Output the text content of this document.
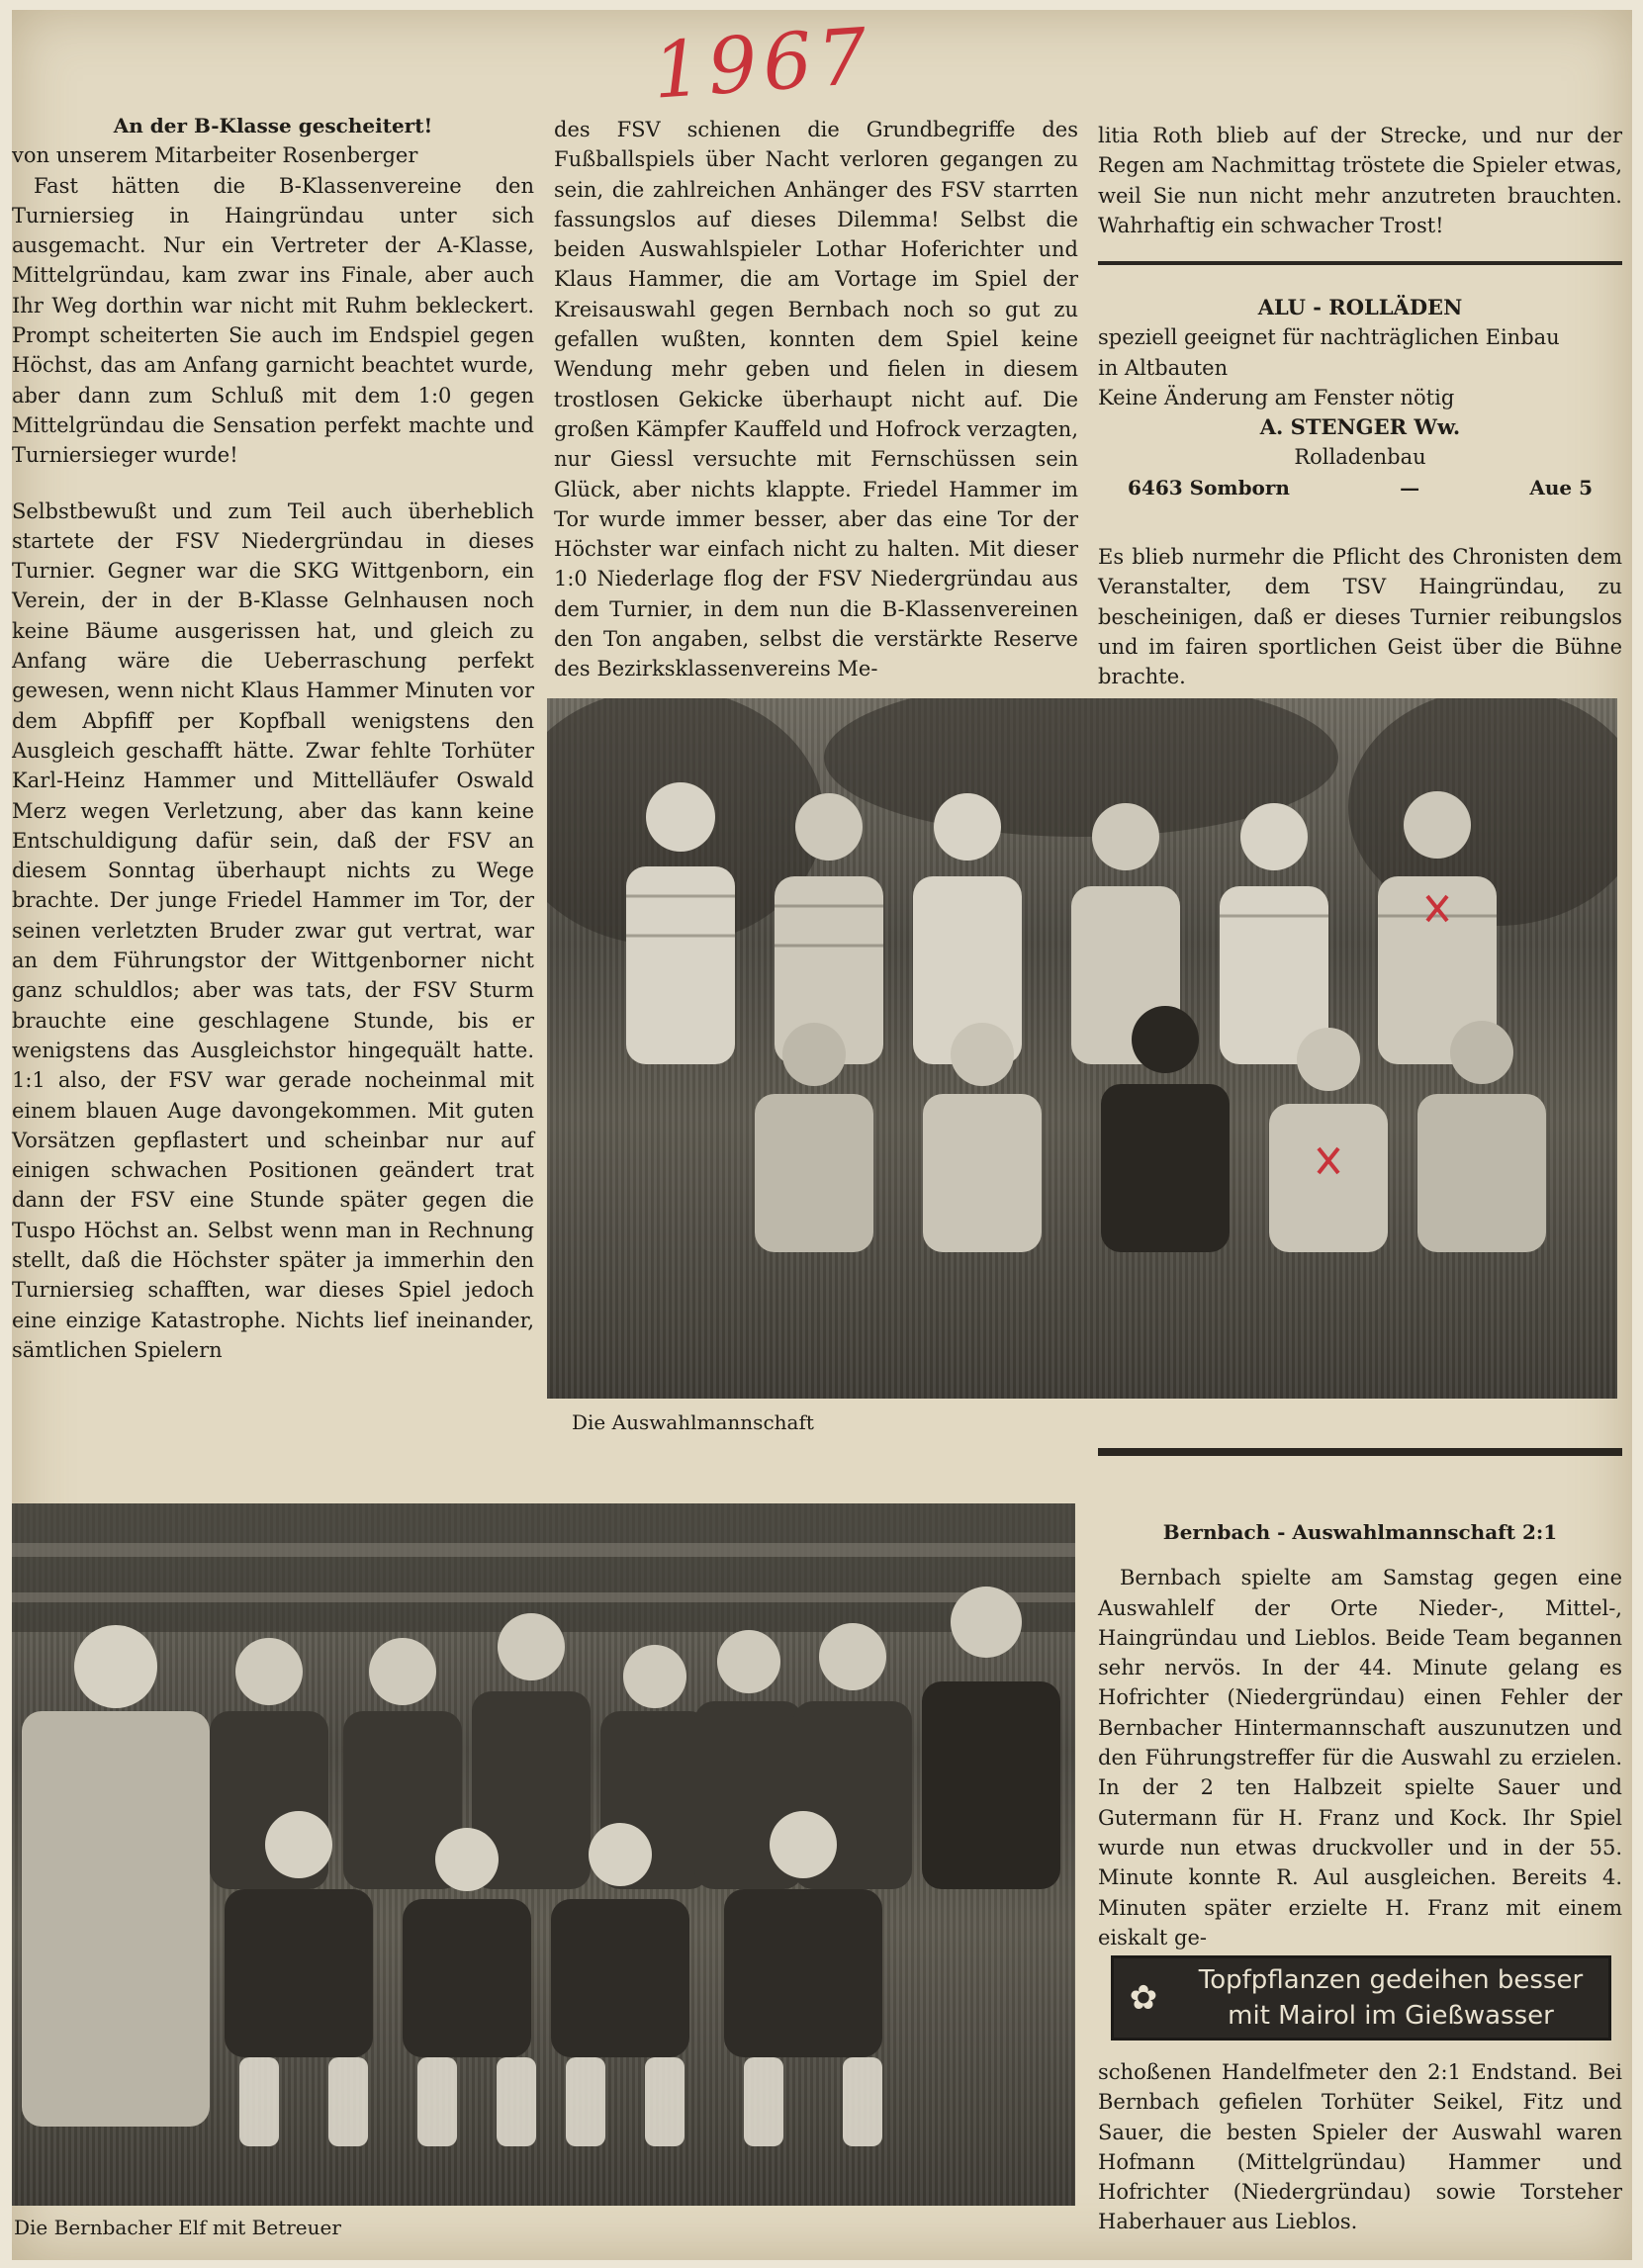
1967

An der B-Klasse gescheitert!

von unserem Mitarbeiter Rosenberger

Fast hätten die B-Klassenvereine den Turniersieg in Haingründau unter sich ausgemacht. Nur ein Vertreter der A-Klasse, Mittelgründau, kam zwar ins Finale, aber auch Ihr Weg dorthin war nicht mit Ruhm bekleckert. Prompt scheiterten Sie auch im Endspiel gegen Höchst, das am Anfang garnicht beachtet wurde, aber dann zum Schluß mit dem 1:0 gegen Mittelgründau die Sensation perfekt machte und Turniersieger wurde!

Selbstbewußt und zum Teil auch überheblich startete der FSV Niedergründau in dieses Turnier. Gegner war die SKG Wittgenborn, ein Verein, der in der B-Klasse Gelnhausen noch keine Bäume ausgerissen hat, und gleich zu Anfang wäre die Ueberraschung perfekt gewesen, wenn nicht Klaus Hammer Minuten vor dem Abpfiff per Kopfball wenigstens den Ausgleich geschafft hätte. Zwar fehlte Torhüter Karl-Heinz Hammer und Mittelläufer Oswald Merz wegen Verletzung, aber das kann keine Entschuldigung dafür sein, daß der FSV an diesem Sonntag überhaupt nichts zu Wege brachte. Der junge Friedel Hammer im Tor, der seinen verletzten Bruder zwar gut vertrat, war an dem Führungstor der Wittgenborner nicht ganz schuldlos; aber was tats, der FSV Sturm brauchte eine geschlagene Stunde, bis er wenigstens das Ausgleichstor hingequält hatte. 1:1 also, der FSV war gerade nocheinmal mit einem blauen Auge davongekommen. Mit guten Vorsätzen gepflastert und scheinbar nur auf einigen schwachen Positionen geändert trat dann der FSV eine Stunde später gegen die Tuspo Höchst an. Selbst wenn man in Rechnung stellt, daß die Höchster später ja immerhin den Turniersieg schafften, war dieses Spiel jedoch eine einzige Katastrophe. Nichts lief ineinander, sämtlichen Spielern

des FSV schienen die Grundbegriffe des Fußballspiels über Nacht verloren gegangen zu sein, die zahlreichen Anhänger des FSV starrten fassungslos auf dieses Dilemma! Selbst die beiden Auswahlspieler Lothar Hoferichter und Klaus Hammer, die am Vortage im Spiel der Kreisauswahl gegen Bernbach noch so gut zu gefallen wußten, konnten dem Spiel keine Wendung mehr geben und fielen in diesem trostlosen Gekicke überhaupt nicht auf. Die großen Kämpfer Kauffeld und Hofrock verzagten, nur Giessl versuchte mit Fernschüssen sein Glück, aber nichts klappte. Friedel Hammer im Tor wurde immer besser, aber das eine Tor der Höchster war einfach nicht zu halten. Mit dieser 1:0 Niederlage flog der FSV Niedergründau aus dem Turnier, in dem nun die B-Klassenvereinen den Ton angaben, selbst die verstärkte Reserve des Bezirksklassenvereins Me-

litia Roth blieb auf der Strecke, und nur der Regen am Nachmittag tröstete die Spieler etwas, weil Sie nun nicht mehr anzutreten brauchten. Wahrhaftig ein schwacher Trost!

ALU - ROLLÄDEN
speziell geeignet für nachträglichen Einbau
in Altbauten
Keine Änderung am Fenster nötig
A. STENGER Ww.
Rolladenbau
6463 Somborn	—	Aue 5

Es blieb nurmehr die Pflicht des Chronisten dem Veranstalter, dem TSV Haingründau, zu bescheinigen, daß er dieses Turnier reibungslos und im fairen sportlichen Geist über die Bühne brachte.

Die Auswahlmannschaft
Die Bernbacher Elf mit Betreuer

Bernbach - Auswahlmannschaft 2:1

Bernbach spielte am Samstag gegen eine Auswahlelf der Orte Nieder-, Mittel-, Haingründau und Lieblos. Beide Team begannen sehr nervös. In der 44. Minute gelang es Hofrichter (Niedergründau) einen Fehler der Bernbacher Hintermannschaft auszunutzen und den Führungstreffer für die Auswahl zu erzielen. In der 2 ten Halbzeit spielte Sauer und Gutermann für H. Franz und Kock. Ihr Spiel wurde nun etwas druckvoller und in der 55. Minute konnte R. Aul ausgleichen. Bereits 4. Minuten später erzielte H. Franz mit einem eiskalt ge-

✿	Topfpflanzen gedeihen besser
mit Mairol im Gießwasser

schoßenen Handelfmeter den 2:1 Endstand. Bei Bernbach gefielen Torhüter Seikel, Fitz und Sauer, die besten Spieler der Auswahl waren Hofmann (Mittelgründau) Hammer und Hofrichter (Niedergründau) sowie Torsteher Haberhauer aus Lieblos.
